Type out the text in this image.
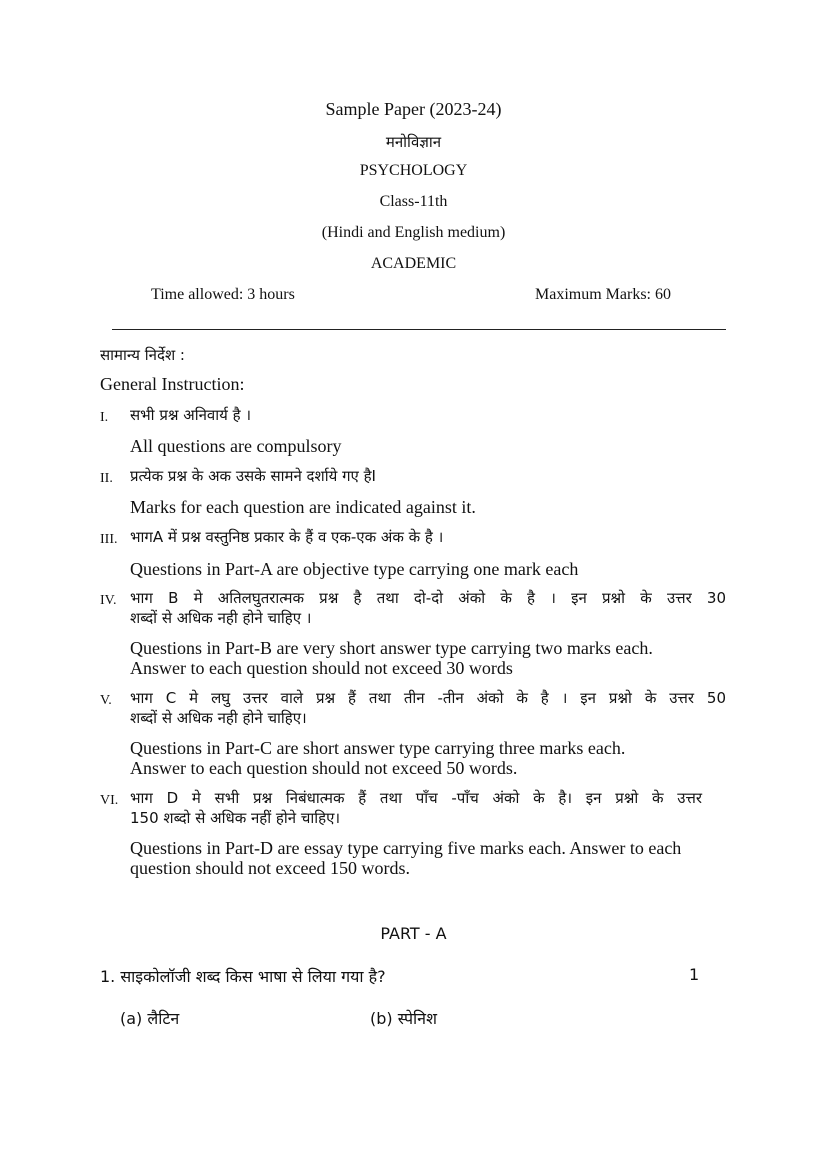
Sample Paper (2023-24)
मनोविज्ञान
PSYCHOLOGY
Class-11th
(Hindi and English medium)
ACADEMIC
Time allowed: 3 hours	Maximum Marks: 60
सामान्य निर्देश :
General Instruction:
I. सभी प्रश्न अनिवार्य है ।
All questions are compulsory
II. प्रत्येक प्रश्न के अक उसके सामने दर्शाये गए हैI
Marks for each question are indicated against it.
III. भागA में प्रश्न वस्तुनिष्ठ प्रकार के हैं व एक-एक अंक के है ।
Questions in Part-A are objective type carrying one mark each
IV. भाग B मे अतिलघुतरात्मक प्रश्न है तथा दो-दो अंको के है । इन प्रश्नो के उत्तर 30
शब्दों से अधिक नही होने चाहिए ।
Questions in Part-B are very short answer type carrying two marks each.
Answer to each question should not exceed 30 words
V. भाग C मे लघु उत्तर वाले प्रश्न हैं तथा तीन -तीन अंको के है । इन प्रश्नो के उत्तर 50
शब्दों से अधिक नही होने चाहिए।
Questions in Part-C are short answer type carrying three marks each.
Answer to each question should not exceed 50 words.
VI. भाग D मे सभी प्रश्न निबंधात्मक हैं तथा पाँच -पाँच अंको के है। इन प्रश्नो के उत्तर
150 शब्दो से अधिक नहीं होने चाहिए।
Questions in Part-D are essay type carrying five marks each. Answer to each
question should not exceed 150 words.
PART - A
1. साइकोलॉजी शब्द किस भाषा से लिया गया है?	1
(a) लैटिन	(b) स्पेनिश
